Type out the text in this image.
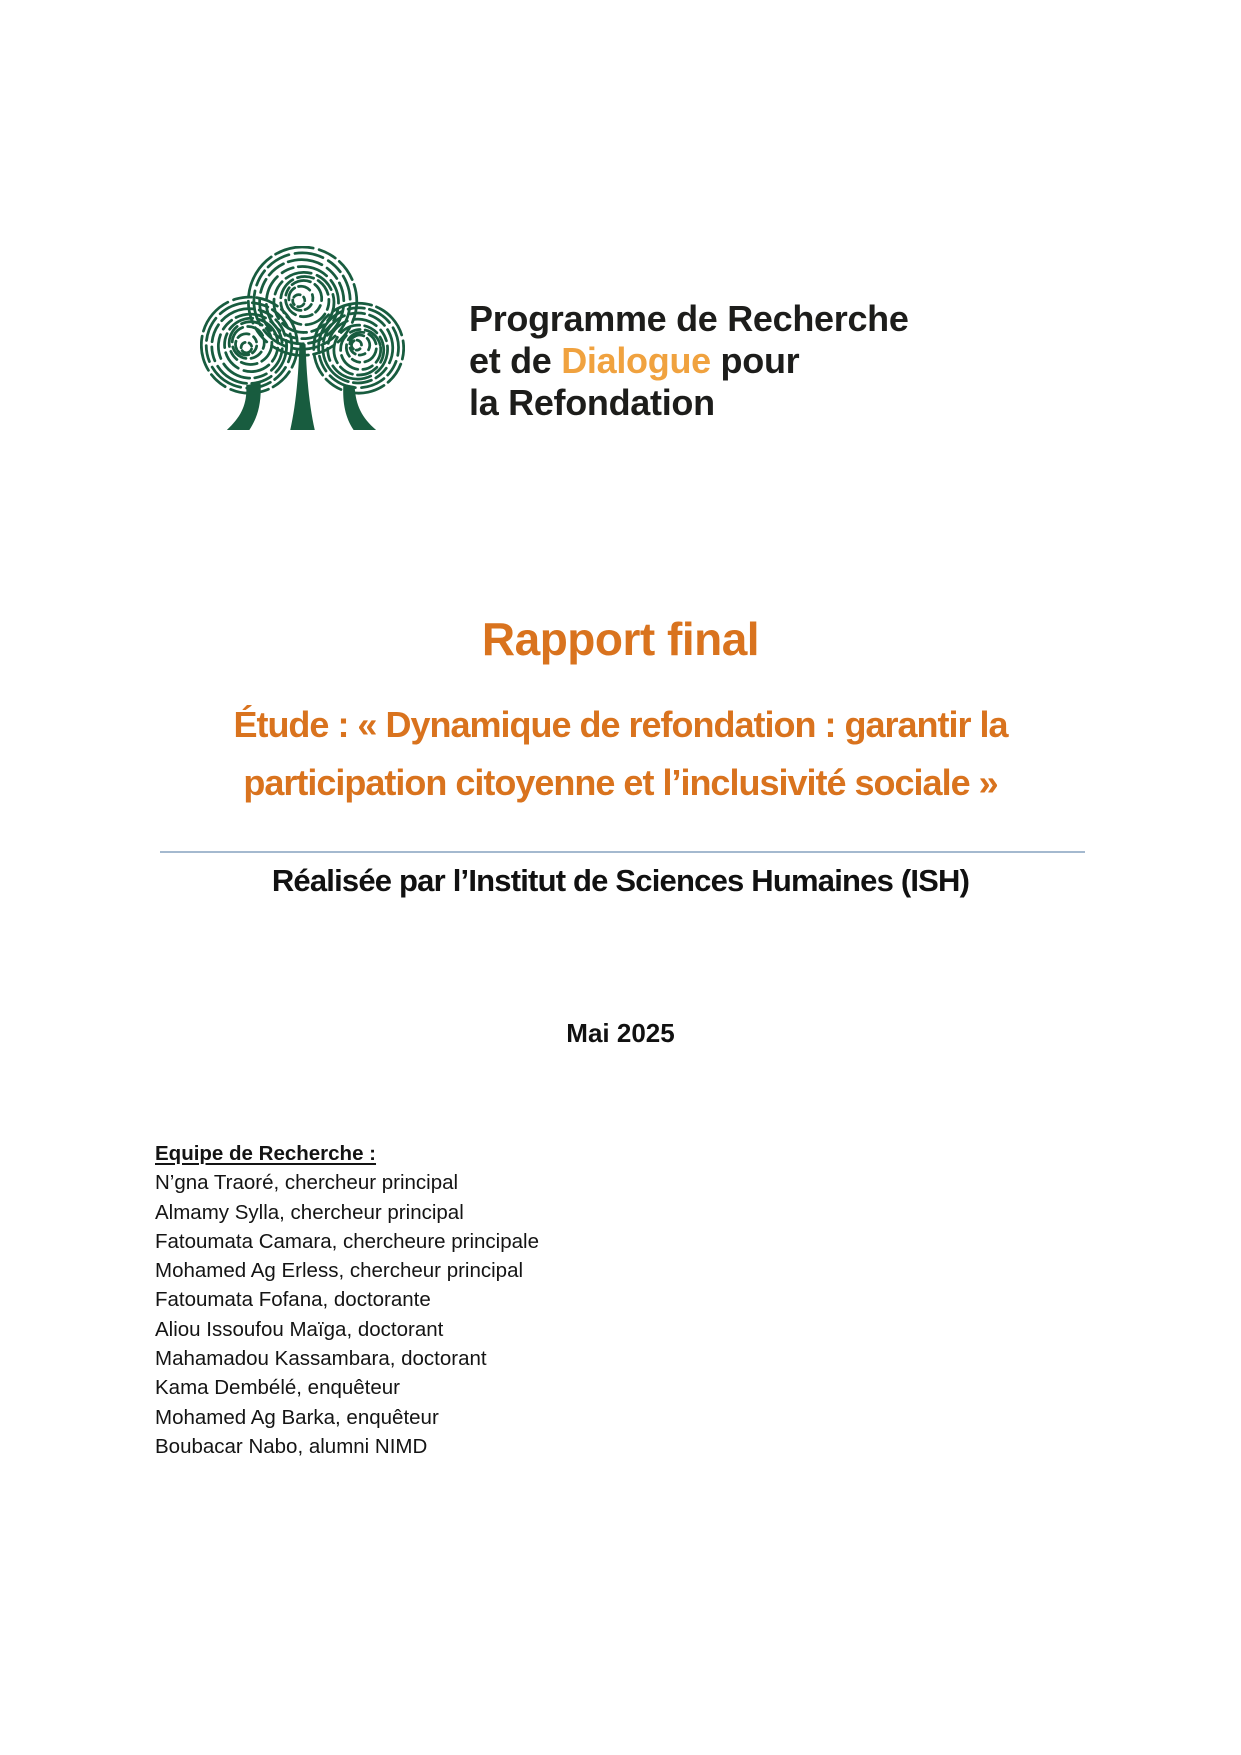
Programme de Recherche
et de Dialogue pour
la Refondation
Rapport final
Étude : « Dynamique de refondation : garantir la
participation citoyenne et l’inclusivité sociale »
Réalisée par l’Institut de Sciences Humaines (ISH)
Mai 2025
Equipe de Recherche :
N’gna Traoré, chercheur principal
Almamy Sylla, chercheur principal
Fatoumata Camara, chercheure principale
Mohamed Ag Erless, chercheur principal
Fatoumata Fofana, doctorante
Aliou Issoufou Maïga, doctorant
Mahamadou Kassambara, doctorant
Kama Dembélé, enquêteur
Mohamed Ag Barka, enquêteur
Boubacar Nabo, alumni NIMD
